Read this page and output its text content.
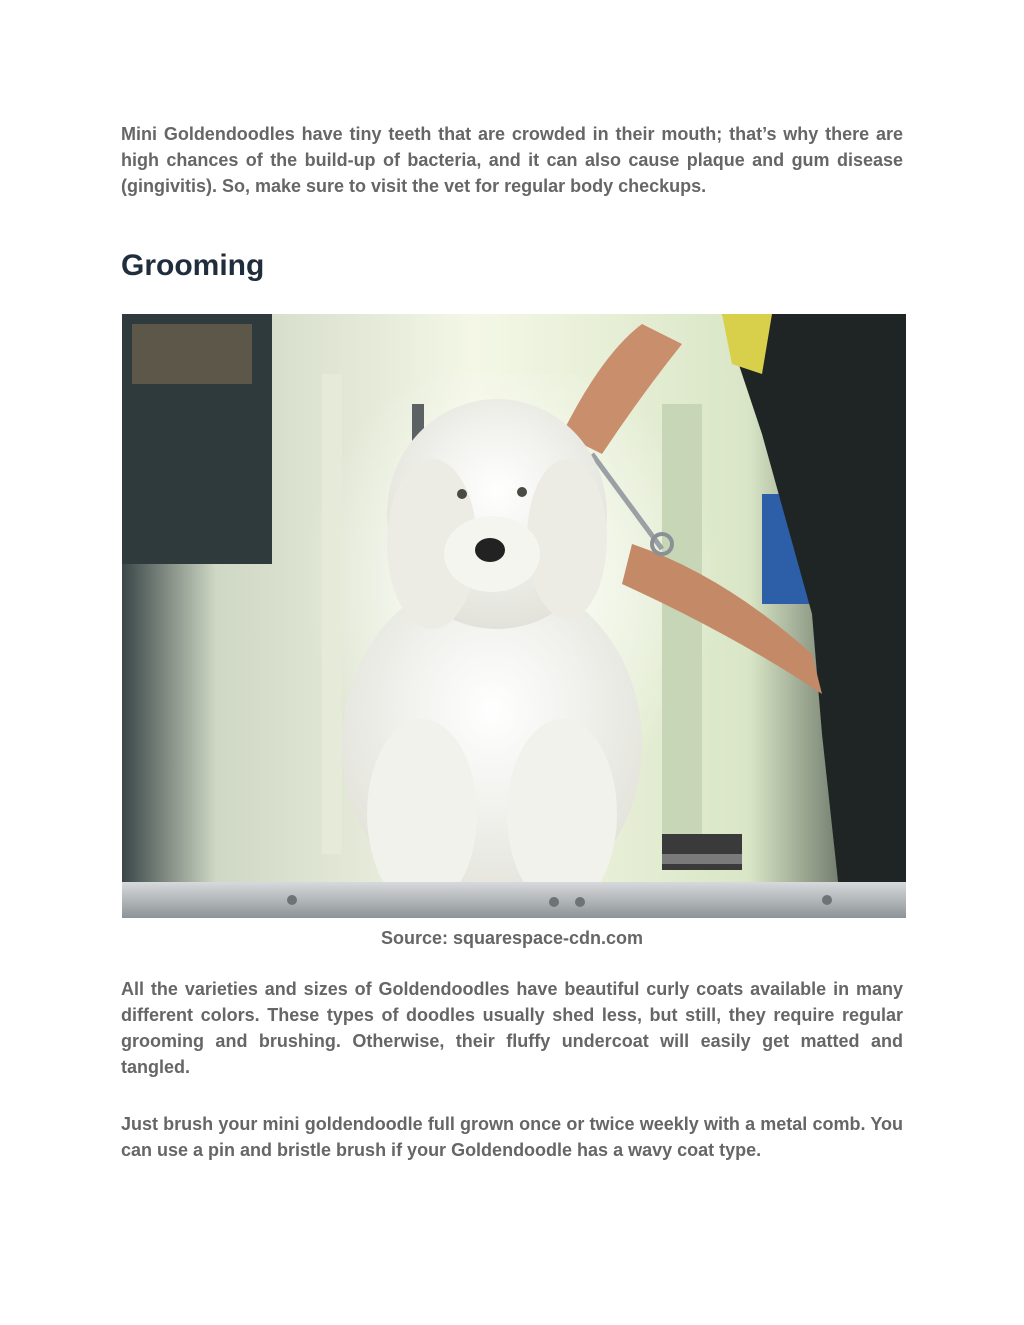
Mini Goldendoodles have tiny teeth that are crowded in their mouth; that’s why there are high chances of the build-up of bacteria, and it can also cause plaque and gum disease (gingivitis). So, make sure to visit the vet for regular body checkups.

Grooming

Source: squarespace-cdn.com

All the varieties and sizes of Goldendoodles have beautiful curly coats available in many different colors. These types of doodles usually shed less, but still, they require regular grooming and brushing. Otherwise, their fluffy undercoat will easily get matted and tangled.

Just brush your mini goldendoodle full grown once or twice weekly with a metal comb. You can use a pin and bristle brush if your Goldendoodle has a wavy coat type.
